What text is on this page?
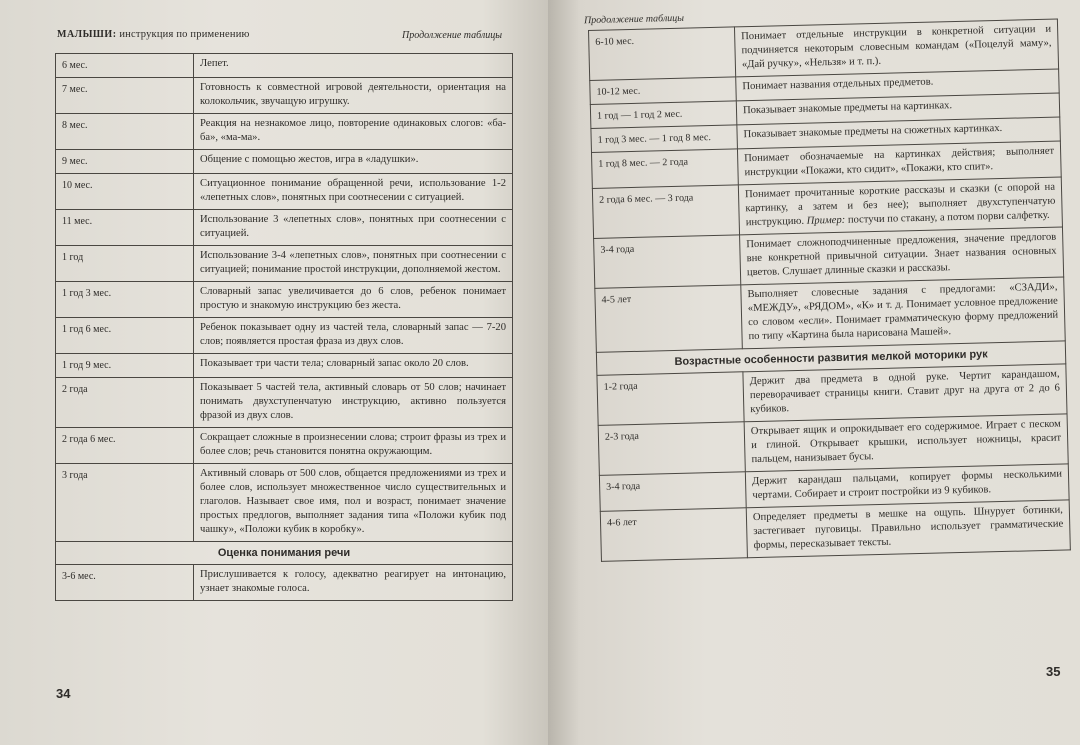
МАЛЫШИ: инструкция по применению	Продолжение таблицы
6 мес.	Лепет.
7 мес.	Готовность к совместной игровой деятельности, ориентация на колокольчик, звучащую игрушку.
8 мес.	Реакция на незнакомое лицо, повторение одинаковых слогов: «ба-ба», «ма-ма».
9 мес.	Общение с помощью жестов, игра в «ладушки».
10 мес.	Ситуационное понимание обращенной речи, использование 1-2 «лепетных слов», понятных при соотнесении с ситуацией.
11 мес.	Использование 3 «лепетных слов», понятных при соотнесении с ситуацией.
1 год	Использование 3-4 «лепетных слов», понятных при соотнесении с ситуацией; понимание простой инструкции, дополняемой жестом.
1 год 3 мес.	Словарный запас увеличивается до 6 слов, ребенок понимает простую и знакомую инструкцию без жеста.
1 год 6 мес.	Ребенок показывает одну из частей тела, словарный запас — 7-20 слов; появляется простая фраза из двух слов.
1 год 9 мес.	Показывает три части тела; словарный запас около 20 слов.
2 года	Показывает 5 частей тела, активный словарь от 50 слов; начинает понимать двухступенчатую инструкцию, активно пользуется фразой из двух слов.
2 года 6 мес.	Сокращает сложные в произнесении слова; строит фразы из трех и более слов; речь становится понятна окружающим.
3 года	Активный словарь от 500 слов, общается предложениями из трех и более слов, использует множественное число существительных и глаголов. Называет свое имя, пол и возраст, понимает значение простых предлогов, выполняет задания типа «Положи кубик под чашку», «Положи кубик в коробку».
Оценка понимания речи	
3-6 мес.	Прислушивается к голосу, адекватно реагирует на интонацию, узнает знакомые голоса.
34
Продолжение таблицы
35
6-10 мес.	Понимает отдельные инструкции в конкретной ситуации и подчиняется некоторым словесным командам («Поцелуй маму», «Дай ручку», «Нельзя» и т. п.).
10-12 мес.	Понимает названия отдельных предметов.
1 год — 1 год 2 мес.	Показывает знакомые предметы на картинках.
1 год 3 мес. — 1 год 8 мес.	Показывает знакомые предметы на сюжетных картинках.
1 год 8 мес. — 2 года	Понимает обозначаемые на картинках действия; выполняет инструкции «Покажи, кто сидит», «Покажи, кто спит».
2 года 6 мес. — 3 года	Понимает прочитанные короткие рассказы и сказки (с опорой на картинку, а затем и без нее); выполняет двухступенчатую инструкцию. Пример: постучи по стакану, а потом порви салфетку.
3-4 года	Понимает сложноподчиненные предложения, значение предлогов вне конкретной привычной ситуации. Знает названия основных цветов. Слушает длинные сказки и рассказы.
4-5 лет	Выполняет словесные задания с предлогами: «СЗАДИ», «МЕЖДУ», «РЯДОМ», «К» и т. д. Понимает условное предложение со словом «если». Понимает грамматическую форму предложений по типу «Картина была нарисована Машей».
Возрастные особенности развития мелкой моторики рук	
1-2 года	Держит два предмета в одной руке. Чертит карандашом, переворачивает страницы книги. Ставит друг на друга от 2 до 6 кубиков.
2-3 года	Открывает ящик и опрокидывает его содержимое. Играет с песком и глиной. Открывает крышки, использует ножницы, красит пальцем, нанизывает бусы.
3-4 года	Держит карандаш пальцами, копирует формы несколькими чертами. Собирает и строит постройки из 9 кубиков.
4-6 лет	Определяет предметы в мешке на ощупь. Шнурует ботинки, застегивает пуговицы. Правильно использует грамматические формы, пересказывает тексты.
